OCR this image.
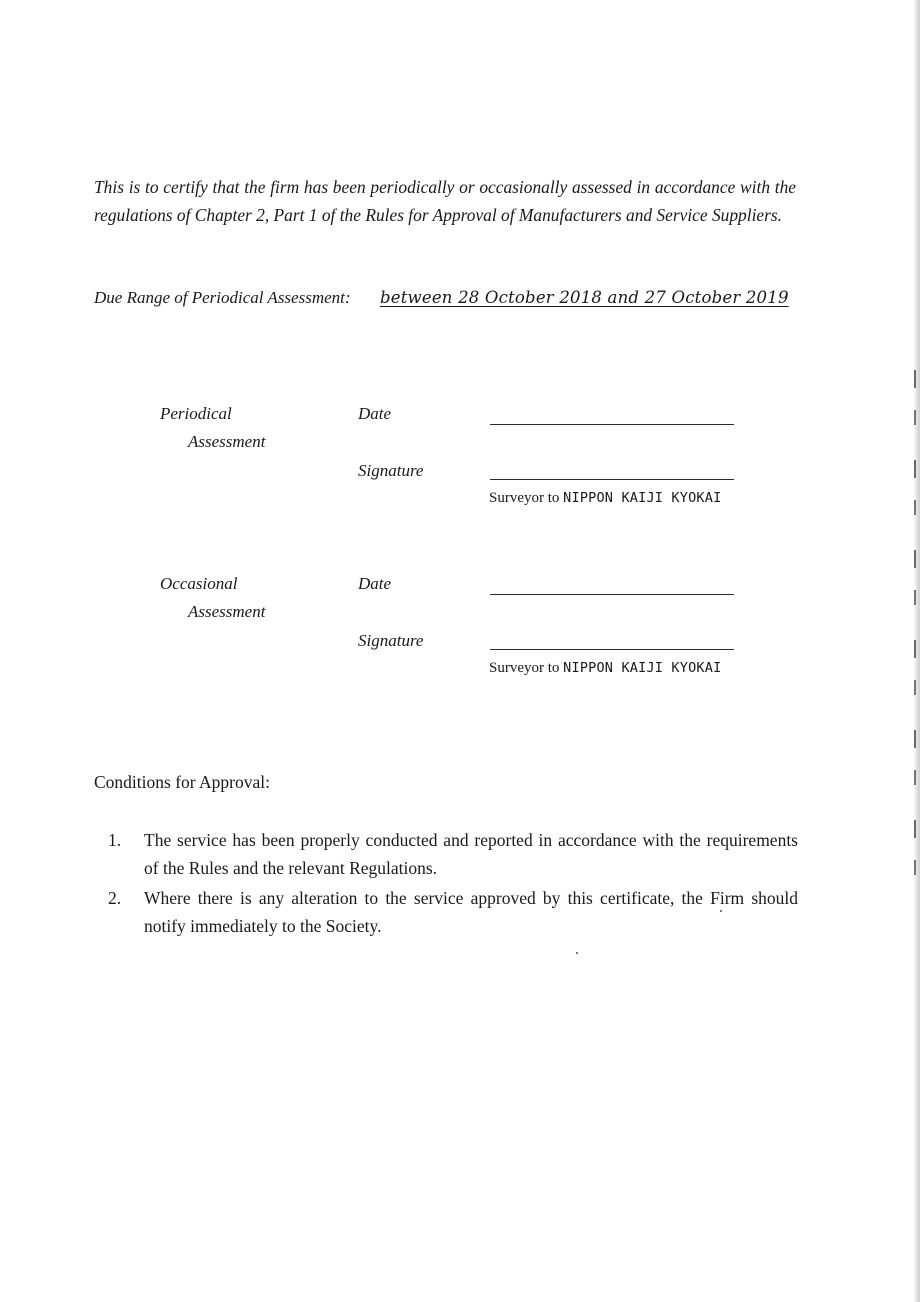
This is to certify that the firm has been periodically or occasionally assessed in accordance with the regulations of Chapter 2, Part 1 of the Rules for Approval of Manufacturers and Service Suppliers.

Due Range of Periodical Assessment: between 28 October 2018 and 27 October 2019
Periodical
Assessment
Date
Signature
Surveyor to NIPPON KAIJI KYOKAI
Occasional
Assessment
Date
Signature
Surveyor to NIPPON KAIJI KYOKAI
Conditions for Approval:
1. The service has been properly conducted and reported in accordance with the requirements of the Rules and the relevant Regulations.
2. Where there is any alteration to the service approved by this certificate, the Firm should notify immediately to the Society.
